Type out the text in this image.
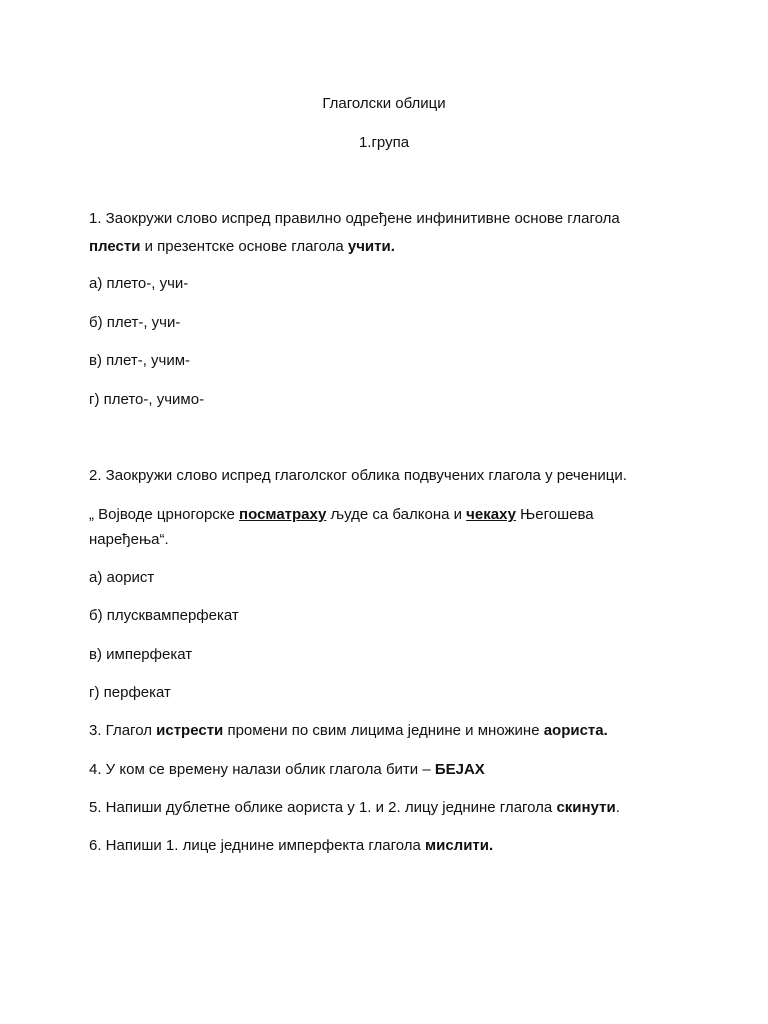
Глаголски облици
1.група
1. Заокружи слово испред правилно одређене инфинитивне основе глагола
плести и презентске основе глагола учити.
а) плето-, учи-
б) плет-, учи-
в) плет-, учим-
г) плето-, учимо-
2. Заокружи слово испред глаголског облика подвучених глагола у реченици.
„ Војводе црногорске посматраху људе са балкона и чекаху Његошева
наређења“.
а) аорист
б) плусквамперфекат
в) имперфекат
г) перфекат
3. Глагол истрести промени по свим лицима једнине и множине аориста.
4. У ком се времену налази облик глагола бити – БЕЈАХ
5. Напиши дублетне облике аориста у 1. и 2. лицу једнине глагола скинути.
6. Напиши 1. лице једнине имперфекта глагола мислити.
